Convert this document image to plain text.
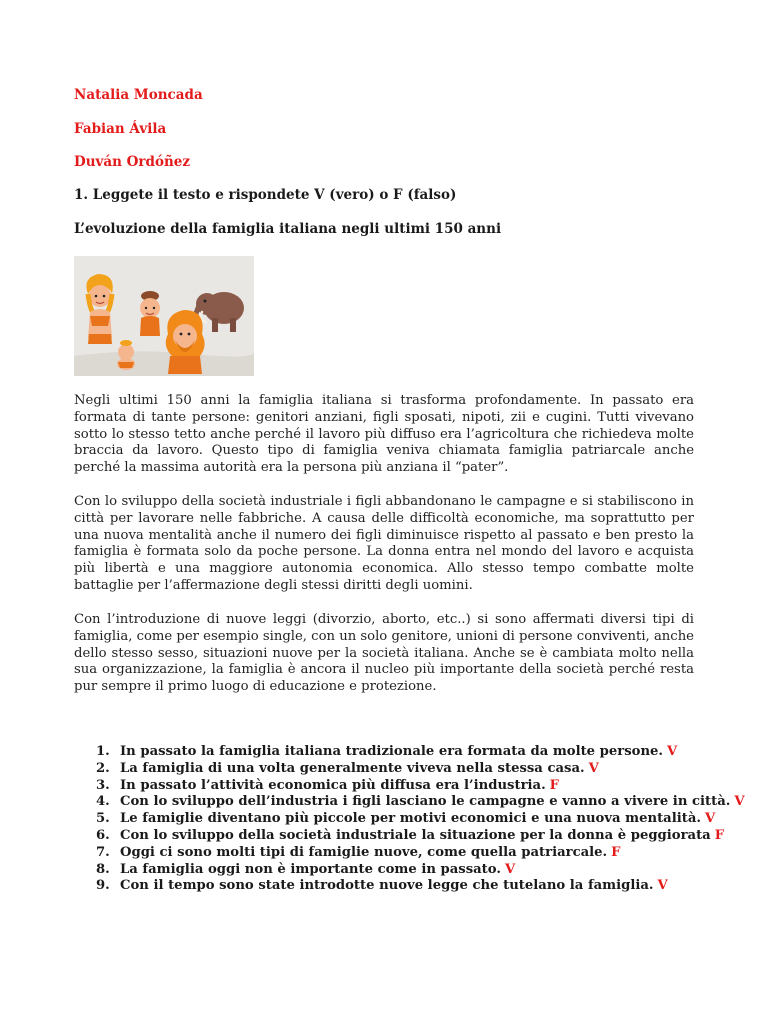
Natalia Moncada
Fabian Ávila
Duván Ordóñez
1. Leggete il testo e rispondete V (vero) o F (falso)
L’evoluzione della famiglia italiana negli ultimi 150 anni
Negli ultimi 150 anni la famiglia italiana si trasforma profondamente. In passato era formata di tante persone: genitori anziani, figli sposati, nipoti, zii e cugini. Tutti vivevano sotto lo stesso tetto anche perché il lavoro più diffuso era l’agricoltura che richiedeva molte braccia da lavoro. Questo tipo di famiglia veniva chiamata famiglia patriarcale anche perché la massima autorità era la persona più anziana il “pater”.
Con lo sviluppo della società industriale i figli abbandonano le campagne e si stabiliscono in città per lavorare nelle fabbriche. A causa delle difficoltà economiche, ma soprattutto per una nuova mentalità anche il numero dei figli diminuisce rispetto al passato e ben presto la famiglia è formata solo da poche persone. La donna entra nel mondo del lavoro e acquista più libertà e una maggiore autonomia economica. Allo stesso tempo combatte molte battaglie per l’affermazione degli stessi diritti degli uomini.
Con l’introduzione di nuove leggi (divorzio, aborto, etc..) si sono affermati diversi tipi di famiglia, come per esempio single, con un solo genitore, unioni di persone conviventi, anche dello stesso sesso, situazioni nuove per la società italiana. Anche se è cambiata molto nella sua organizzazione, la famiglia è ancora il nucleo più importante della società perché resta pur sempre il primo luogo di educazione e protezione.
1. In passato la famiglia italiana tradizionale era formata da molte persone. V
2. La famiglia di una volta generalmente viveva nella stessa casa. V
3. In passato l’attività economica più diffusa era l’industria. F
4. Con lo sviluppo dell’industria i figli lasciano le campagne e vanno a vivere in città. V
5. Le famiglie diventano più piccole per motivi economici e una nuova mentalità. V
6. Con lo sviluppo della società industriale la situazione per la donna è peggiorata F
7. Oggi ci sono molti tipi di famiglie nuove, come quella patriarcale. F
8. La famiglia oggi non è importante come in passato. V
9. Con il tempo sono state introdotte nuove legge che tutelano la famiglia. V
